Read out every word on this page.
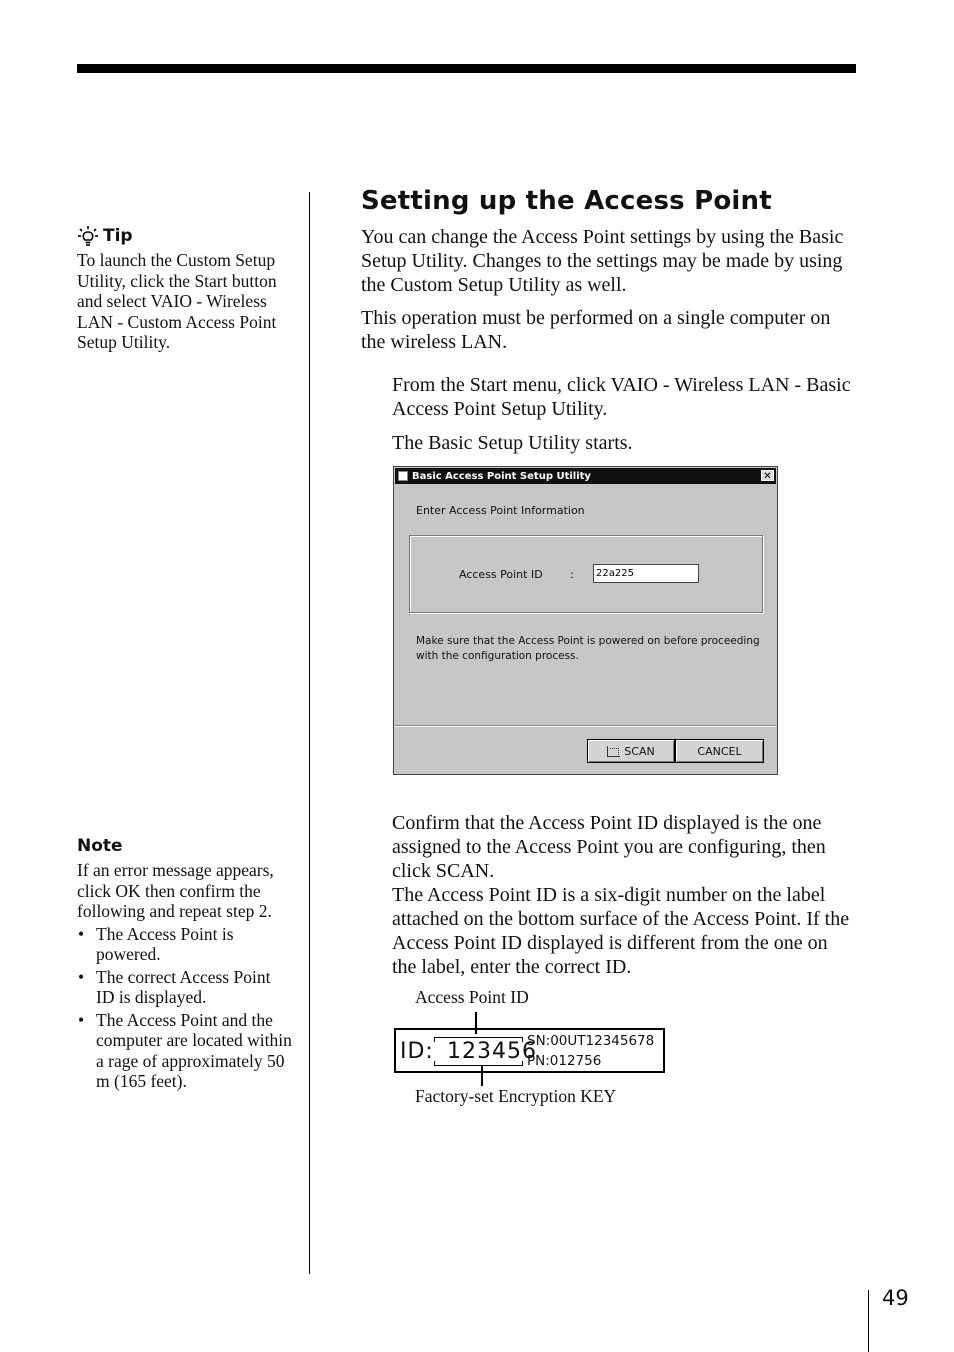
Tip
To launch the Custom Setup Utility, click the Start button and select VAIO - Wireless LAN - Custom Access Point Setup Utility.
Note
If an error message appears, click OK then confirm the following and repeat step 2.
• The Access Point is powered.
• The correct Access Point ID is displayed.
• The Access Point and the computer are located within a rage of approximately 50 m (165 feet).
Setting up the Access Point
You can change the Access Point settings by using the Basic Setup Utility. Changes to the settings may be made by using the Custom Setup Utility as well.
This operation must be performed on a single computer on the wireless LAN.
From the Start menu, click VAIO - Wireless LAN - Basic Access Point Setup Utility.
The Basic Setup Utility starts.
Basic Access Point Setup Utility	✕
Enter Access Point Information
Access Point ID :
22a225
Make sure that the Access Point is powered on before proceeding with the configuration process.
SCAN	CANCEL
Confirm that the Access Point ID displayed is the one assigned to the Access Point you are configuring, then click SCAN.
The Access Point ID is a six-digit number on the label attached on the bottom surface of the Access Point. If the Access Point ID displayed is different from the one on the label, enter the correct ID.
Access Point ID
ID: 123456
SN:00UT12345678
PN:012756
Factory-set Encryption KEY
49
